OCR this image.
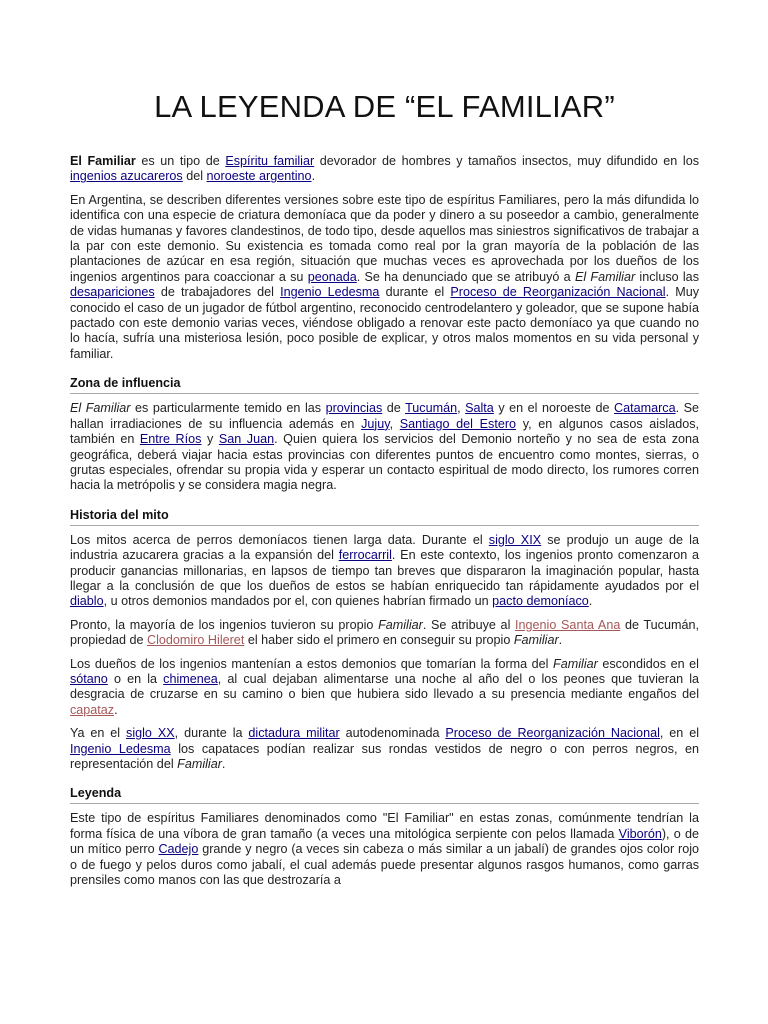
LA LEYENDA DE “EL FAMILIAR”

El Familiar es un tipo de Espíritu familiar devorador de hombres y tamaños insectos, muy difundido en los ingenios azucareros del noroeste argentino.

En Argentina, se describen diferentes versiones sobre este tipo de espíritus Familiares, pero la más difundida lo identifica con una especie de criatura demoníaca que da poder y dinero a su poseedor a cambio, generalmente de vidas humanas y favores clandestinos, de todo tipo, desde aquellos mas siniestros significativos de trabajar a la par con este demonio. Su existencia es tomada como real por la gran mayoría de la población de las plantaciones de azúcar en esa región, situación que muchas veces es aprovechada por los dueños de los ingenios argentinos para coaccionar a su peonada. Se ha denunciado que se atribuyó a El Familiar incluso las desapariciones de trabajadores del Ingenio Ledesma durante el Proceso de Reorganización Nacional. Muy conocido el caso de un jugador de fútbol argentino, reconocido centrodelantero y goleador, que se supone había pactado con este demonio varias veces, viéndose obligado a renovar este pacto demoníaco ya que cuando no lo hacía, sufría una misteriosa lesión, poco posible de explicar, y otros malos momentos en su vida personal y familiar.

Zona de influencia

El Familiar es particularmente temido en las provincias de Tucumán, Salta y en el noroeste de Catamarca. Se hallan irradiaciones de su influencia además en Jujuy, Santiago del Estero y, en algunos casos aislados, también en Entre Ríos y San Juan. Quien quiera los servicios del Demonio norteño y no sea de esta zona geográfica, deberá viajar hacia estas provincias con diferentes puntos de encuentro como montes, sierras, o grutas especiales, ofrendar su propia vida y esperar un contacto espiritual de modo directo, los rumores corren hacia la metrópolis y se considera magia negra.

Historia del mito

Los mitos acerca de perros demoníacos tienen larga data. Durante el siglo XIX se produjo un auge de la industria azucarera gracias a la expansión del ferrocarril. En este contexto, los ingenios pronto comenzaron a producir ganancias millonarias, en lapsos de tiempo tan breves que dispararon la imaginación popular, hasta llegar a la conclusión de que los dueños de estos se habían enriquecido tan rápidamente ayudados por el diablo, u otros demonios mandados por el, con quienes habrían firmado un pacto demoníaco.

Pronto, la mayoría de los ingenios tuvieron su propio Familiar. Se atribuye al Ingenio Santa Ana de Tucumán, propiedad de Clodomiro Hileret el haber sido el primero en conseguir su propio Familiar.

Los dueños de los ingenios mantenían a estos demonios que tomarían la forma del Familiar escondidos en el sótano o en la chimenea, al cual dejaban alimentarse una noche al año del o los peones que tuvieran la desgracia de cruzarse en su camino o bien que hubiera sido llevado a su presencia mediante engaños del capataz.

Ya en el siglo XX, durante la dictadura militar autodenominada Proceso de Reorganización Nacional, en el Ingenio Ledesma los capataces podían realizar sus rondas vestidos de negro o con perros negros, en representación del Familiar.

Leyenda

Este tipo de espíritus Familiares denominados como "El Familiar" en estas zonas, comúnmente tendrían la forma física de una víbora de gran tamaño (a veces una mitológica serpiente con pelos llamada Viborón), o de un mítico perro Cadejo grande y negro (a veces sin cabeza o más similar a un jabalí) de grandes ojos color rojo o de fuego y pelos duros como jabalí, el cual además puede presentar algunos rasgos humanos, como garras prensiles como manos con las que destrozaría a
